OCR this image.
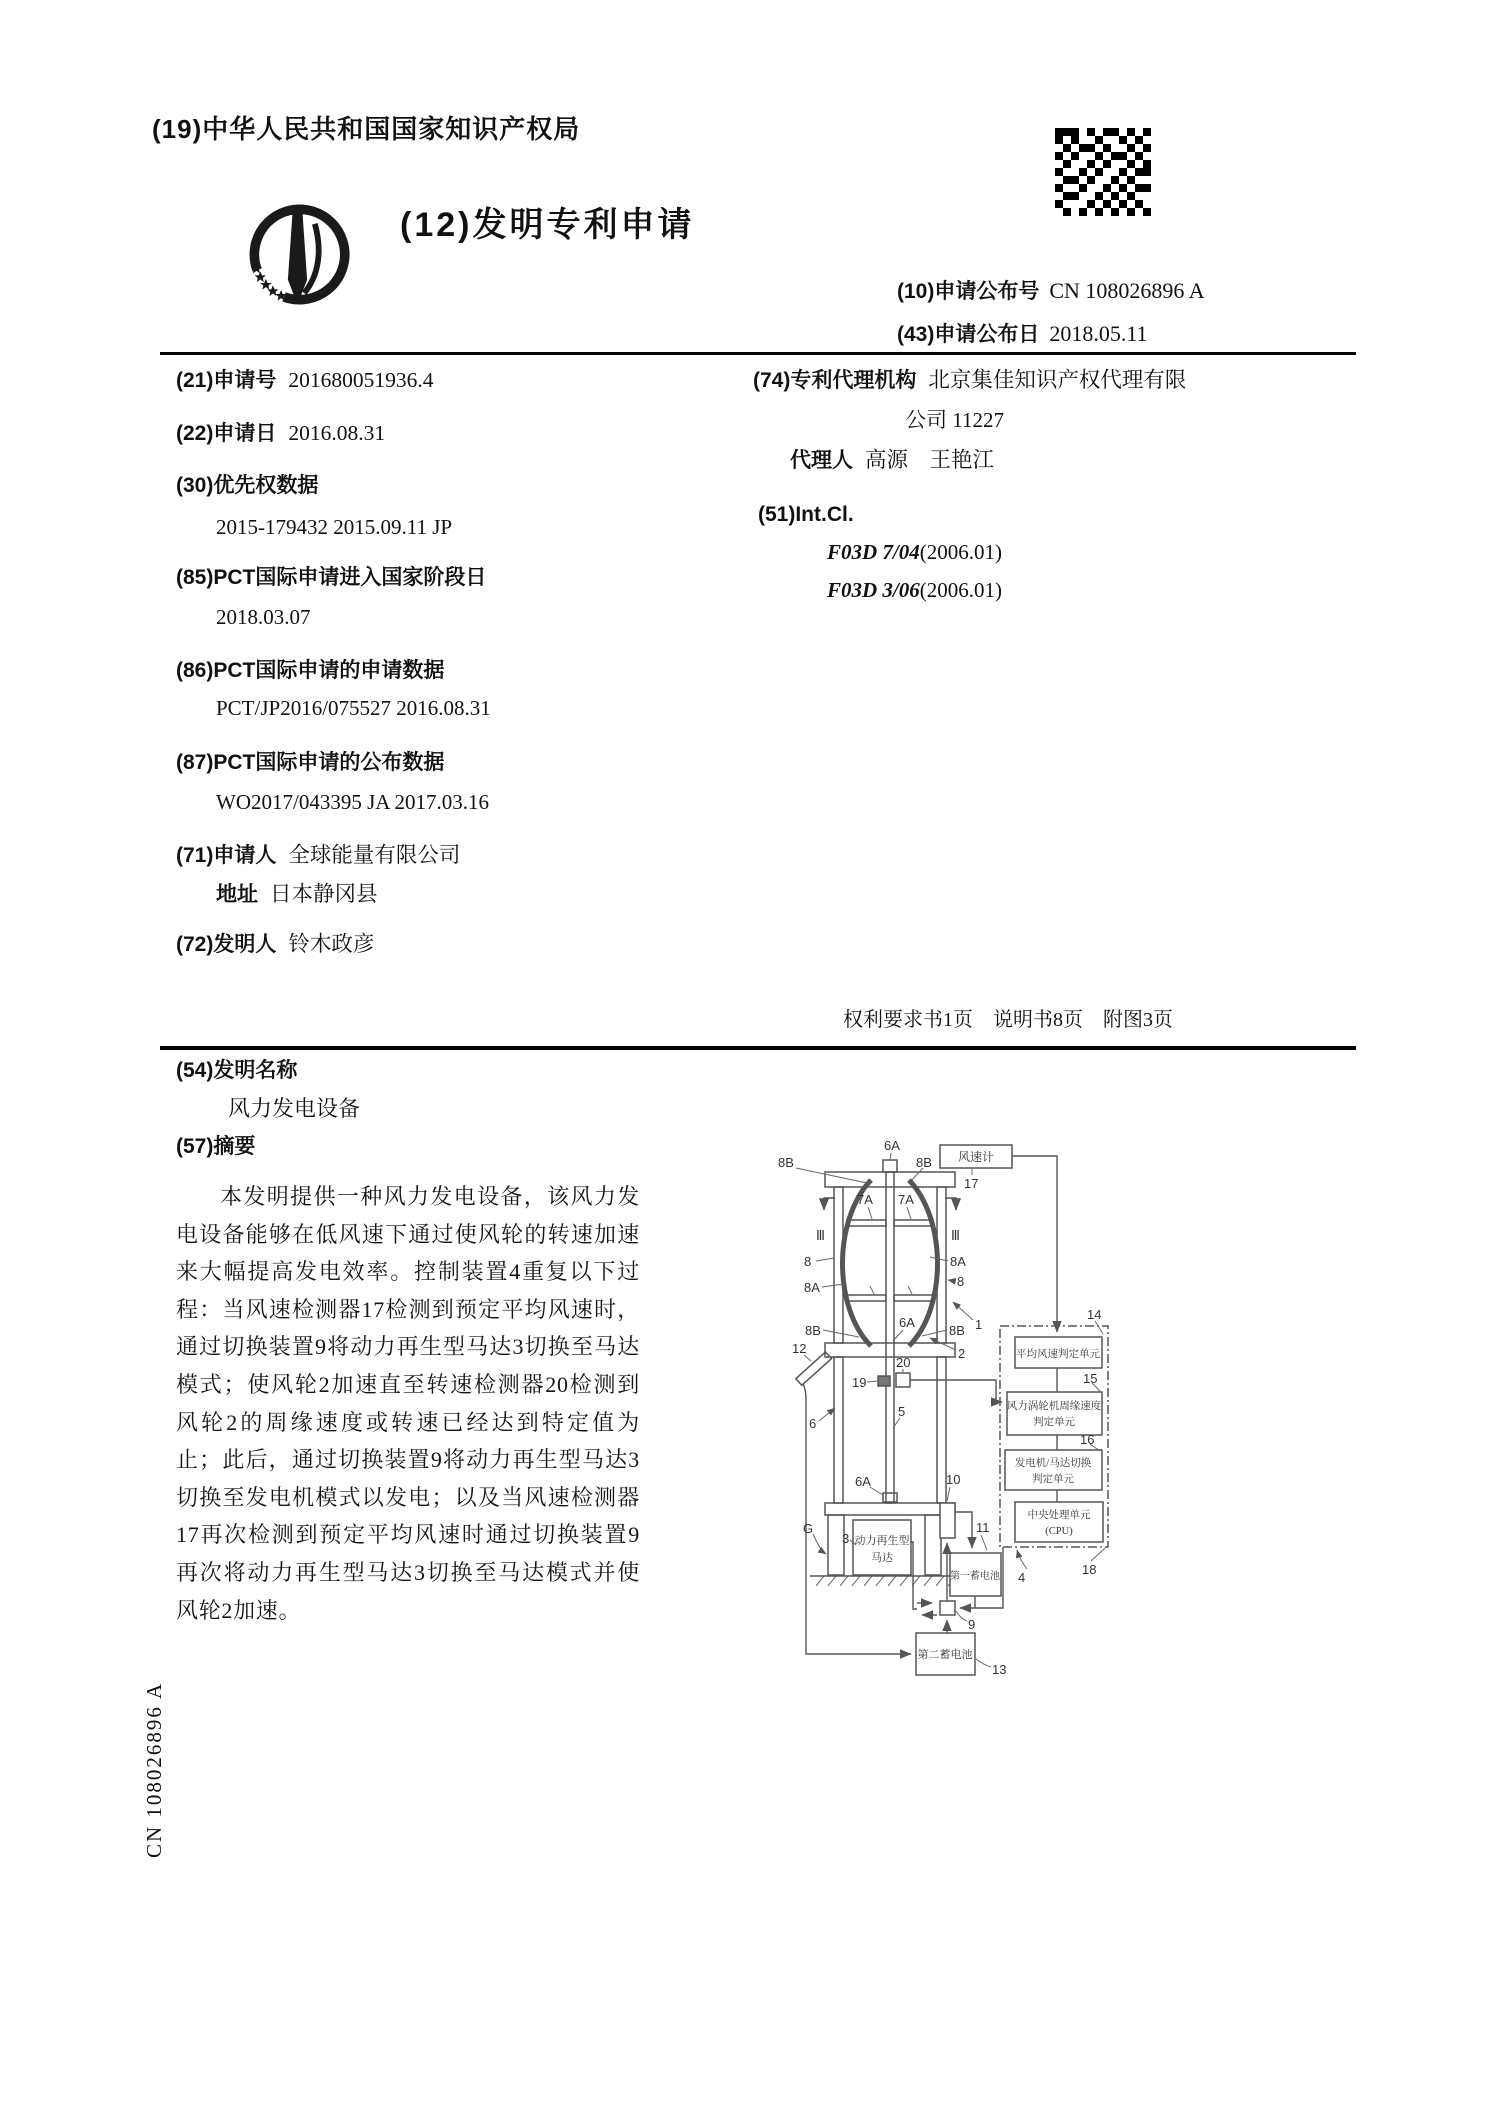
(19)中华人民共和国国家知识产权局
(12)发明专利申请
(10)申请公布号 CN 108026896 A
(43)申请公布日 2018.05.11
(21)申请号 201680051936.4
(22)申请日 2016.08.31
(30)优先权数据
2015-179432 2015.09.11 JP
(85)PCT国际申请进入国家阶段日
2018.03.07
(86)PCT国际申请的申请数据
PCT/JP2016/075527 2016.08.31
(87)PCT国际申请的公布数据
WO2017/043395 JA 2017.03.16
(71)申请人 全球能量有限公司
地址 日本静冈县
(72)发明人 铃木政彦
(74)专利代理机构 北京集佳知识产权代理有限
公司 11227
代理人 高源　王艳江
(51)Int.Cl.
F03D 7/04(2006.01)
F03D 3/06(2006.01)
权利要求书1页　说明书8页　附图3页
(54)发明名称
风力发电设备
(57)摘要
本发明提供一种风力发电设备，该风力发电设备能够在低风速下通过使风轮的转速加速来大幅提高发电效率。控制装置4重复以下过程：当风速检测器17检测到预定平均风速时，通过切换装置9将动力再生型马达3切换至马达模式；使风轮2加速直至转速检测器20检测到风轮2的周缘速度或转速已经达到特定值为止；此后，通过切换装置9将动力再生型马达3切换至发电机模式以发电；以及当风速检测器17再次检测到预定平均风速时通过切换装置9再次将动力再生型马达3切换至马达模式并使风轮2加速。
6A
8B	8B
7A 7A
Ⅲ	Ⅲ
8	8A
8A	8
8B
6A
8B 1
2
12
20
19
5
6
6A	10
G
3
11
9
13
14
15
16
17
18
4
风速计
平均风速判定单元
风力涡轮机周缘速度
判定单元
发电机/马达切换
判定单元
中央处理单元
(CPU)
动力再生型
马达
第一蓄电池
第二蓄电池
CN 108026896 A
